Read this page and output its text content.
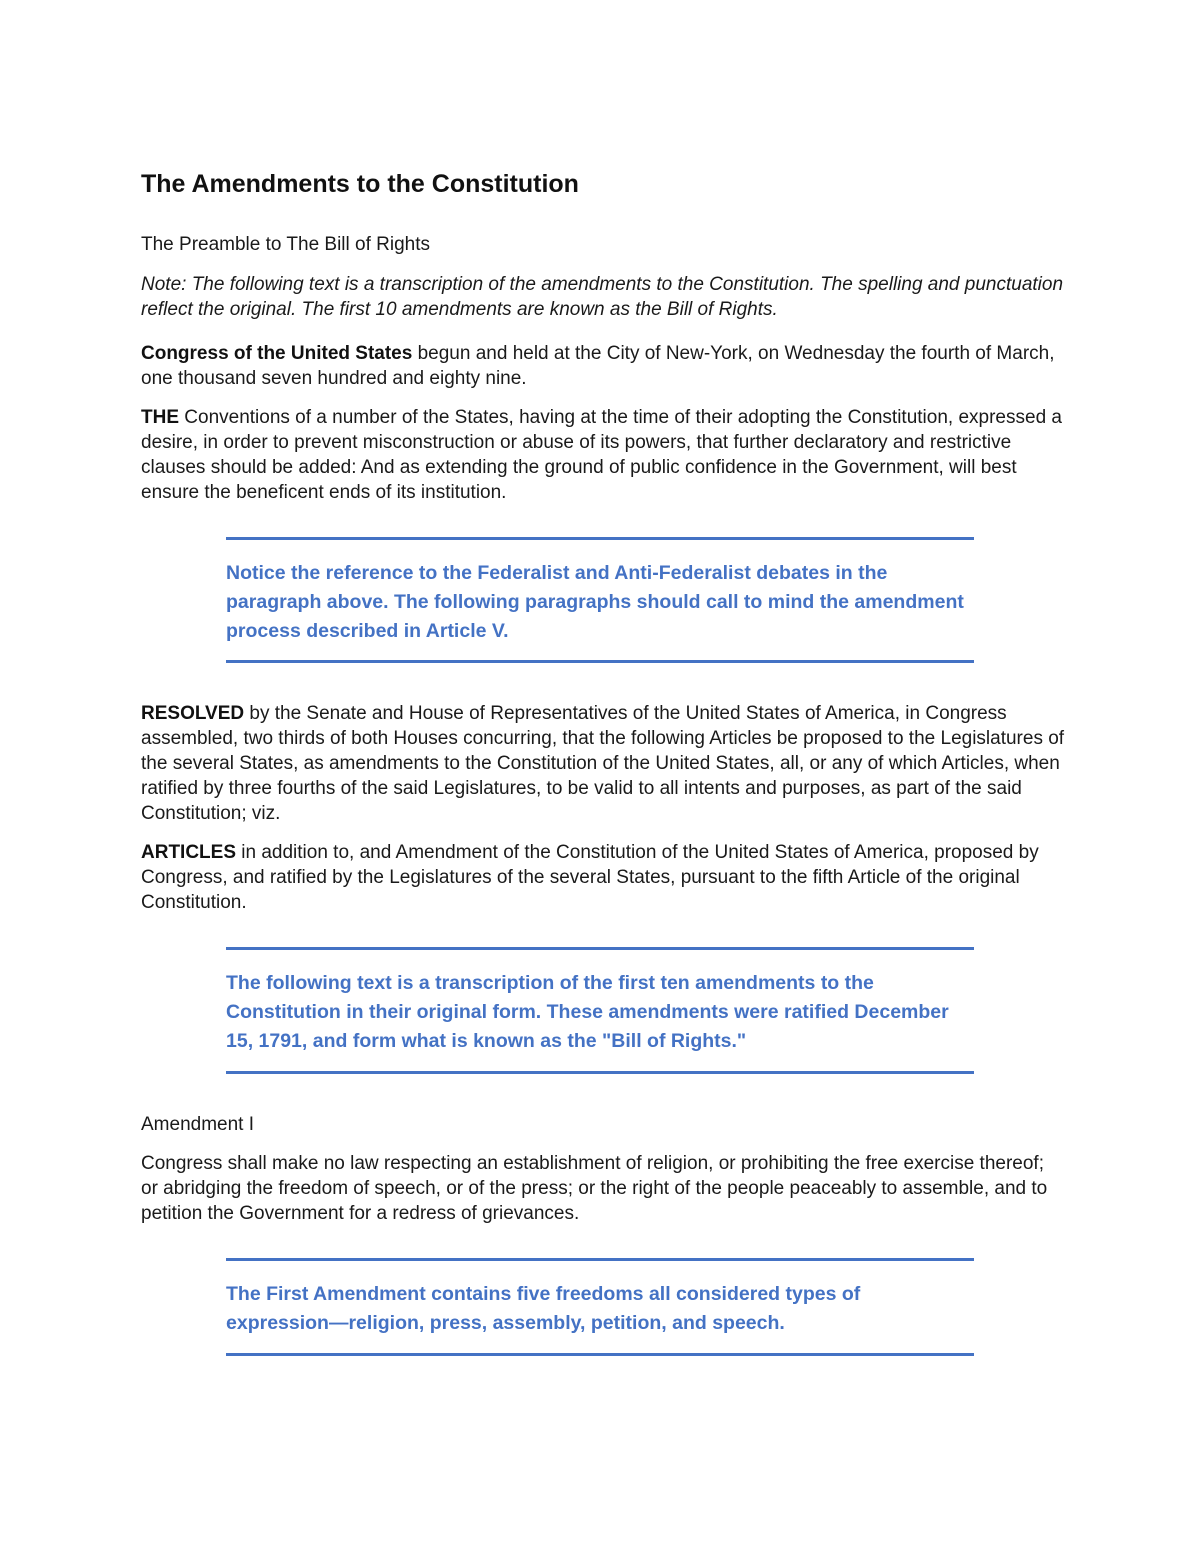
The Amendments to the Constitution

The Preamble to The Bill of Rights

Note: The following text is a transcription of the amendments to the Constitution. The spelling and punctuation reflect the original. The first 10 amendments are known as the Bill of Rights.

Congress of the United States begun and held at the City of New-York, on Wednesday the fourth of March, one thousand seven hundred and eighty nine.

THE Conventions of a number of the States, having at the time of their adopting the Constitution, expressed a desire, in order to prevent misconstruction or abuse of its powers, that further declaratory and restrictive clauses should be added: And as extending the ground of public confidence in the Government, will best ensure the beneficent ends of its institution.

Notice the reference to the Federalist and Anti-Federalist debates in the paragraph above. The following paragraphs should call to mind the amendment process described in Article V.

RESOLVED by the Senate and House of Representatives of the United States of America, in Congress assembled, two thirds of both Houses concurring, that the following Articles be proposed to the Legislatures of the several States, as amendments to the Constitution of the United States, all, or any of which Articles, when ratified by three fourths of the said Legislatures, to be valid to all intents and purposes, as part of the said Constitution; viz.

ARTICLES in addition to, and Amendment of the Constitution of the United States of America, proposed by Congress, and ratified by the Legislatures of the several States, pursuant to the fifth Article of the original Constitution.

The following text is a transcription of the first ten amendments to the Constitution in their original form. These amendments were ratified December 15, 1791, and form what is known as the "Bill of Rights."

Amendment I

Congress shall make no law respecting an establishment of religion, or prohibiting the free exercise thereof; or abridging the freedom of speech, or of the press; or the right of the people peaceably to assemble, and to petition the Government for a redress of grievances.

The First Amendment contains five freedoms all considered types of expression—religion, press, assembly, petition, and speech.
